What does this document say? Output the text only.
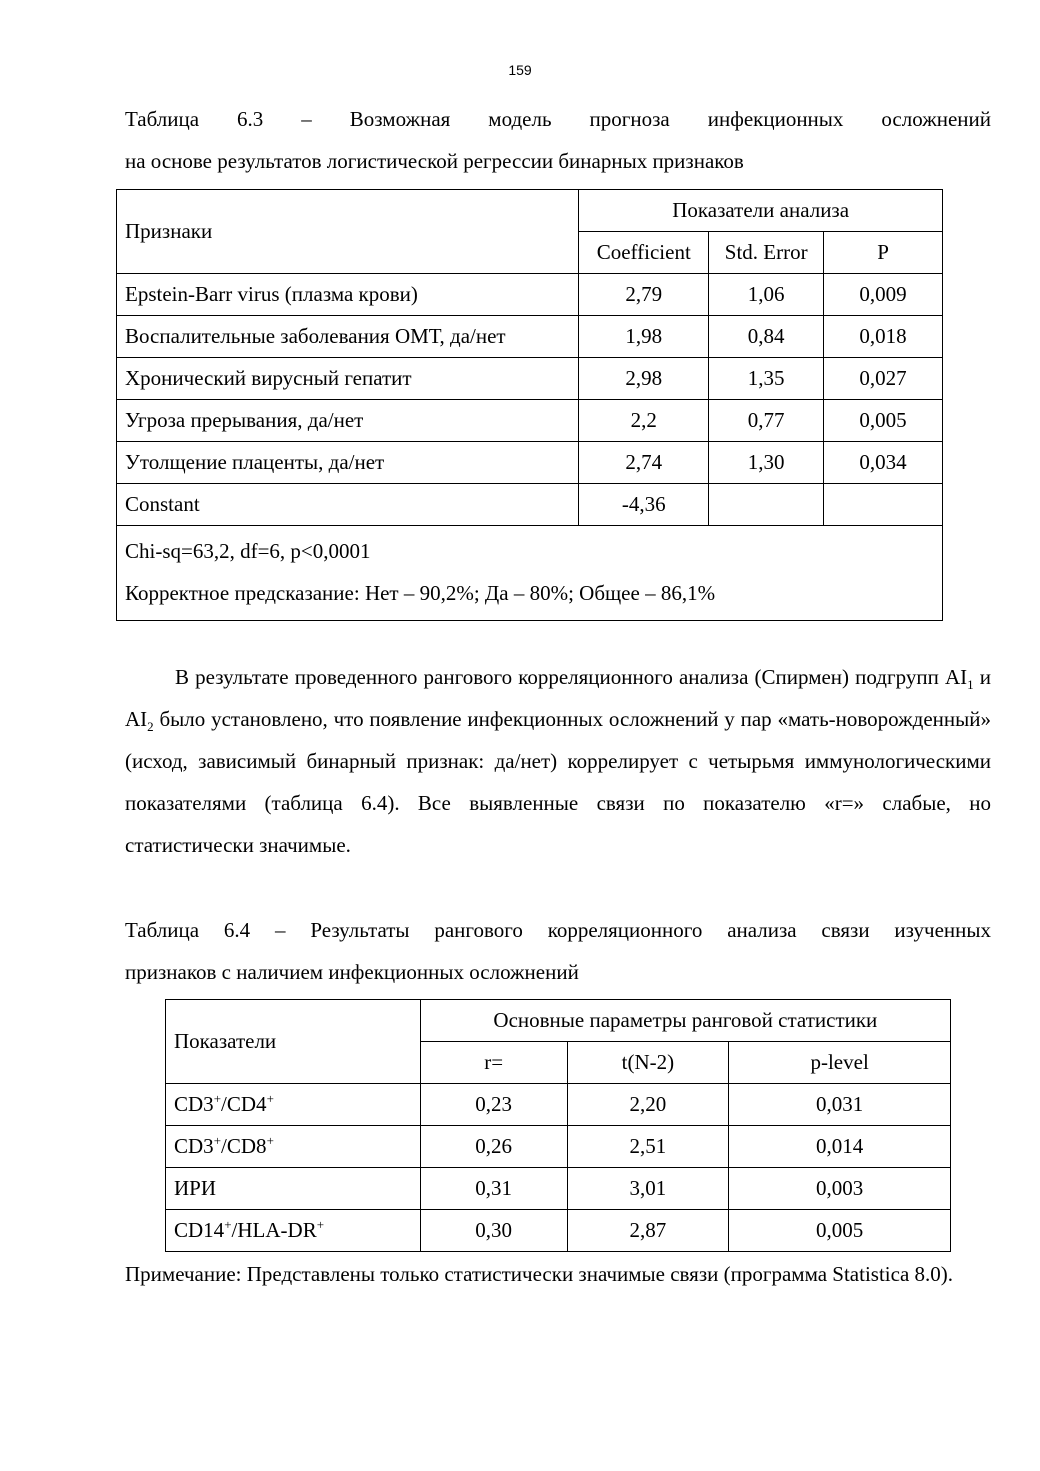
159
Таблица 6.3 – Возможная модель прогноза инфекционных осложнений
на основе результатов логистической регрессии бинарных признаков
Признаки	Показатели анализа		
	Coefficient	Std. Error	P
Epstein-Barr virus (плазма крови)	2,79	1,06	0,009
Воспалительные заболевания ОМТ, да/нет	1,98	0,84	0,018
Хронический вирусный гепатит	2,98	1,35	0,027
Угроза прерывания, да/нет	2,2	0,77	0,005
Утолщение плаценты, да/нет	2,74	1,30	0,034
Constant	-4,36		

Chi-sq=63,2, df=6, p<0,0001
Корректное предсказание: Нет – 90,2%; Да – 80%; Общее – 86,1%			
В результате проведенного рангового корреляционного анализа (Спирмен) подгрупп $AI_1$ и $AI_2$ было установлено, что появление инфекционных осложнений у пар «мать-новорожденный» (исход, зависимый бинарный признак: да/нет) коррелирует с четырьмя иммунологическими показателями (таблица 6.4). Все выявленные связи по показателю «r=» слабые, но статистически значимые.
Таблица 6.4 – Результаты рангового корреляционного анализа связи изученных
признаков с наличием инфекционных осложнений
Показатели	Основные параметры ранговой статистики		
	r=	t(N-2)	p-level
CD3+/CD4+	0,23	2,20	0,031
CD3+/CD8+	0,26	2,51	0,014
ИРИ	0,31	3,01	0,003
CD14+/HLA-DR+	0,30	2,87	0,005
Примечание: Представлены только статистически значимые связи (программа Statistica 8.0).
